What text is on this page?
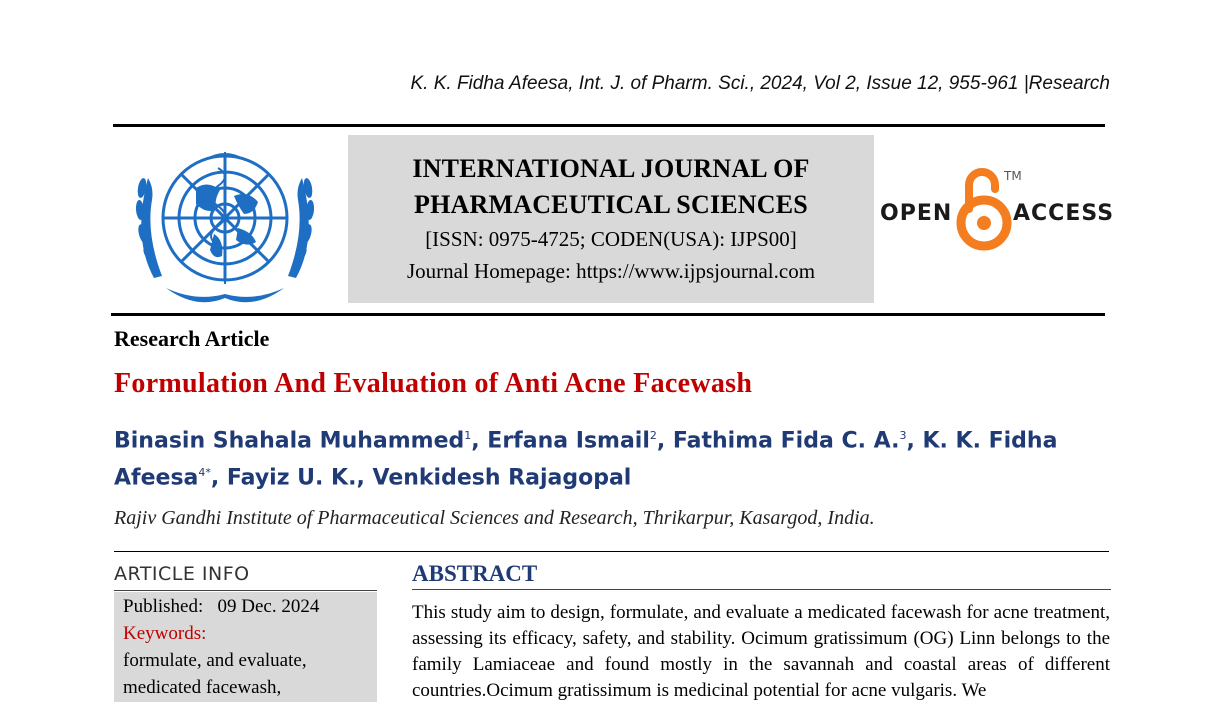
K. K. Fidha Afeesa, Int. J. of Pharm. Sci., 2024, Vol 2, Issue 12, 955-961 |Research
INTERNATIONAL JOURNAL OF
PHARMACEUTICAL SCIENCES
[ISSN: 0975-4725; CODEN(USA): IJPS00]
Journal Homepage: https://www.ijpsjournal.com
OPEN
TM
ACCESS
Research Article
Formulation And Evaluation of Anti Acne Facewash
Binasin Shahala Muhammed$^1$, Erfana Ismail$^2$, Fathima Fida C. A.$^3$, K. K. Fidha Afeesa$^{4*}$, Fayiz U. K., Venkidesh Rajagopal
Rajiv Gandhi Institute of Pharmaceutical Sciences and Research, Thrikarpur, Kasargod, India.
ARTICLE INFO
Published:   09 Dec. 2024
Keywords:
formulate, and evaluate,
medicated facewash,
ABSTRACT
This study aim to design, formulate, and evaluate a medicated facewash for acne treatment, assessing its efficacy, safety, and stability. Ocimum gratissimum (OG) Linn belongs to the family Lamiaceae and found mostly in the savannah and coastal areas of different countries.Ocimum gratissimum is medicinal potential for acne vulgaris. We
